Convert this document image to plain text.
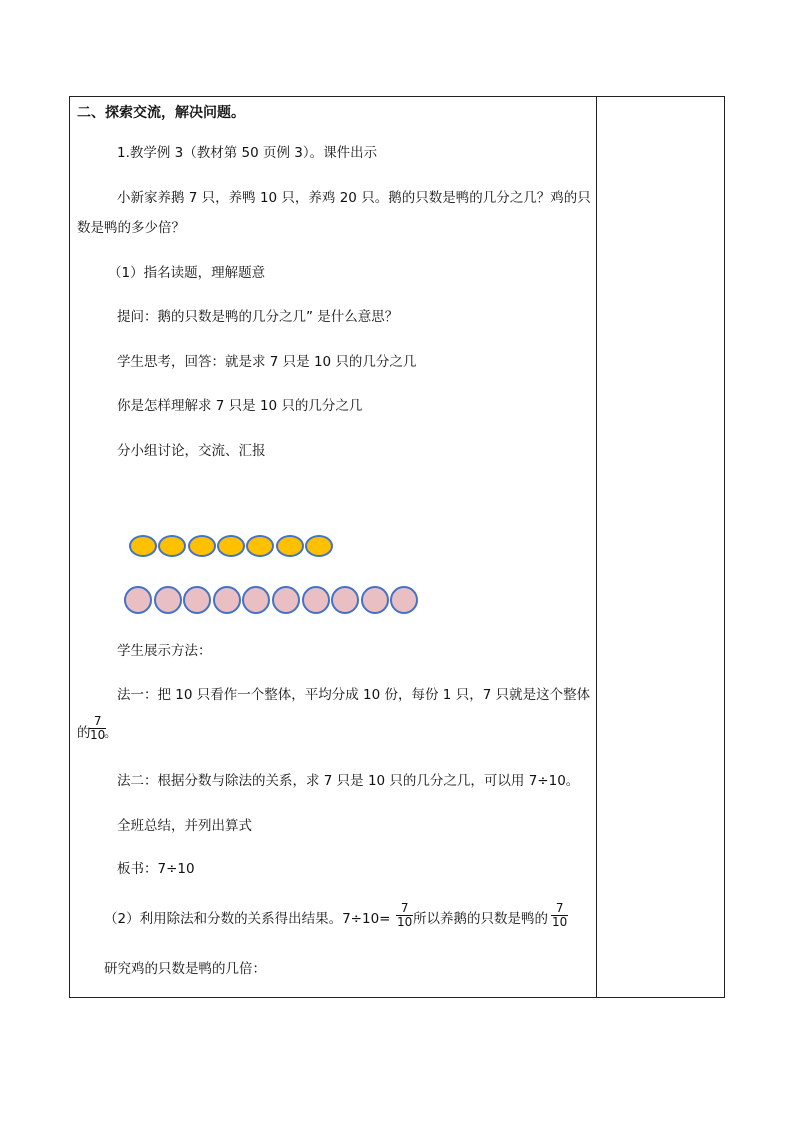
二、探索交流，解决问题。
1.教学例 3（教材第 50 页例 3）。课件出示
小新家养鹅 7 只，养鸭 10 只，养鸡 20 只。鹅的只数是鸭的几分之几？鸡的只
数是鸭的多少倍？
（1）指名读题，理解题意
提问：鹅的只数是鸭的几分之几” 是什么意思？
学生思考，回答：就是求 7 只是 10 只的几分之几
你是怎样理解求 7 只是 10 只的几分之几
分小组讨论，交流、汇报
学生展示方法：
法一：把 10 只看作一个整体，平均分成 10 份，每份 1 只，7 只就是这个整体
的
7
10
。
法二：根据分数与除法的关系，求 7 只是 10 只的几分之几，可以用 7÷10。
全班总结，并列出算式
板书：7÷10
（2）利用除法和分数的关系得出结果。7÷10=
7
10 所以养鹅的只数是鸭的
7
10
研究鸡的只数是鸭的几倍：
